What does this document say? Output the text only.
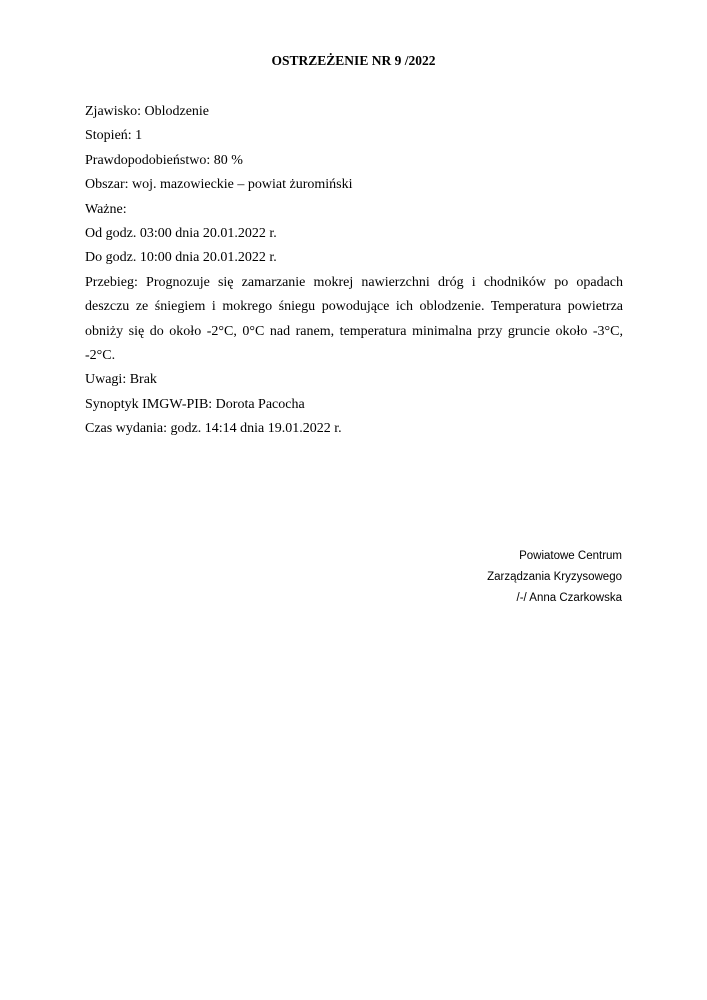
OSTRZEŻENIE NR 9 /2022
Zjawisko: Oblodzenie
Stopień: 1
Prawdopodobieństwo: 80 %
Obszar: woj. mazowieckie – powiat żuromiński
Ważne:
Od godz. 03:00 dnia 20.01.2022 r.
Do godz. 10:00 dnia 20.01.2022 r.
Przebieg: Prognozuje się zamarzanie mokrej nawierzchni dróg i chodników po opadach deszczu ze śniegiem i mokrego śniegu powodujące ich oblodzenie. Temperatura powietrza obniży się do około -2°C, 0°C nad ranem, temperatura minimalna przy gruncie około -3°C, -2°C.
Uwagi: Brak
Synoptyk IMGW-PIB: Dorota Pacocha
Czas wydania: godz. 14:14 dnia 19.01.2022 r.
Powiatowe Centrum
Zarządzania Kryzysowego
/-/ Anna Czarkowska
